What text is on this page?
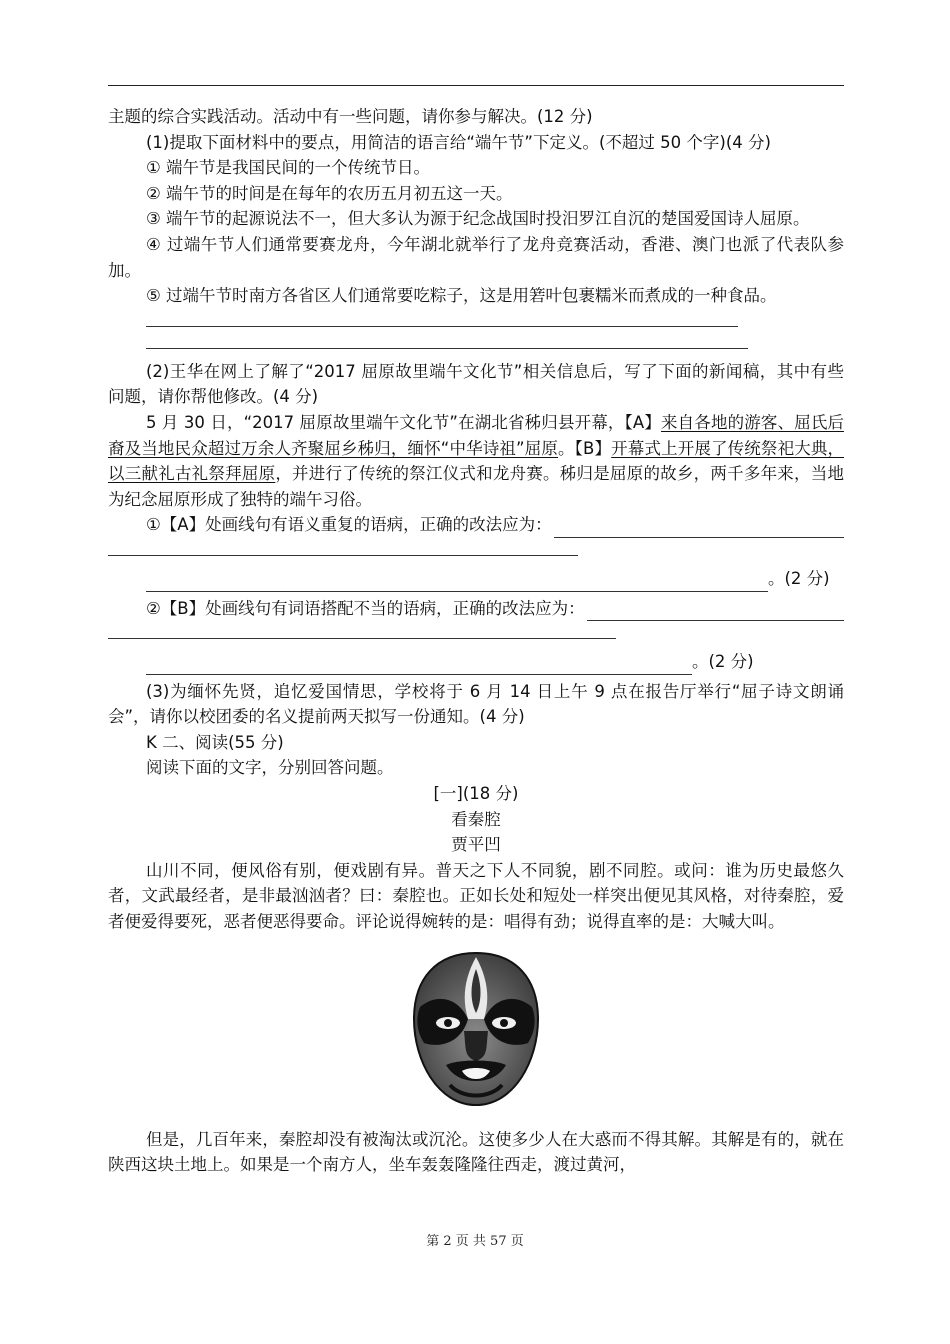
主题的综合实践活动。活动中有一些问题，请你参与解决。(12 分)

(1)提取下面材料中的要点，用简洁的语言给“端午节”下定义。(不超过 50 个字)(4 分)

① 端午节是我国民间的一个传统节日。

② 端午节的时间是在每年的农历五月初五这一天。

③ 端午节的起源说法不一，但大多认为源于纪念战国时投汨罗江自沉的楚国爱国诗人屈原。

④ 过端午节人们通常要赛龙舟，今年湖北就举行了龙舟竞赛活动，香港、澳门也派了代表队参加。

⑤ 过端午节时南方各省区人们通常要吃粽子，这是用箬叶包裹糯米而煮成的一种食品。

(2)王华在网上了解了“2017 屈原故里端午文化节”相关信息后，写了下面的新闻稿，其中有些问题，请你帮他修改。(4 分)

5 月 30 日，“2017 屈原故里端午文化节”在湖北省秭归县开幕，【A】来自各地的游客、屈氏后裔及当地民众超过万余人齐聚屈乡秭归，缅怀“中华诗祖”屈原。【B】开幕式上开展了传统祭祀大典，以三献礼古礼祭拜屈原，并进行了传统的祭江仪式和龙舟赛。秭归是屈原的故乡，两千多年来，当地为纪念屈原形成了独特的端午习俗。

①【A】处画线句有语义重复的语病，正确的改法应为：
。(2 分)
②【B】处画线句有词语搭配不当的语病，正确的改法应为：
。(2 分)

(3)为缅怀先贤，追忆爱国情思，学校将于 6 月 14 日上午 9 点在报告厅举行“屈子诗文朗诵会”，请你以校团委的名义提前两天拟写一份通知。(4 分)

K 二、阅读(55 分)

阅读下面的文字，分别回答问题。

[一](18 分)

看秦腔

贾平凹

山川不同，便风俗有别，便戏剧有异。普天之下人不同貌，剧不同腔。或问：谁为历史最悠久者，文武最经者，是非最汹汹者？曰：秦腔也。正如长处和短处一样突出便见其风格，对待秦腔，爱者便爱得要死，恶者便恶得要命。评论说得婉转的是：唱得有劲；说得直率的是：大喊大叫。

但是，几百年来，秦腔却没有被淘汰或沉沦。这使多少人在大惑而不得其解。其解是有的，就在陕西这块土地上。如果是一个南方人，坐车轰轰隆隆往西走，渡过黄河，

第 2 页 共 57 页
